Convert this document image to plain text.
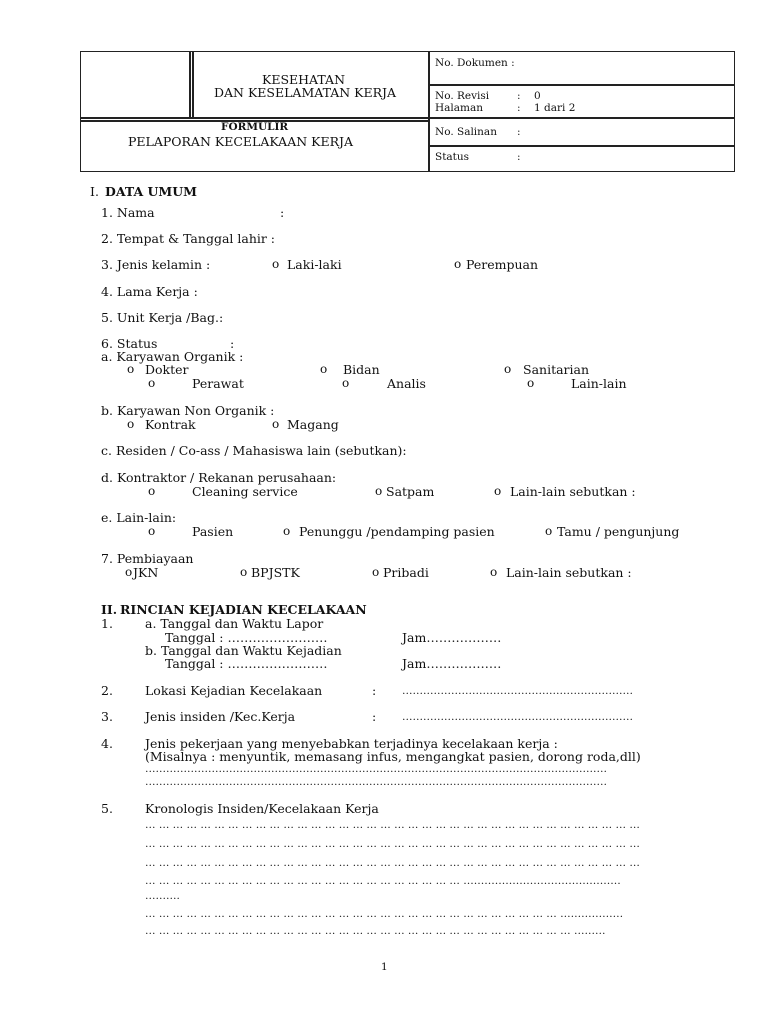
KESEHATAN
DAN KESELAMATAN KERJA
No. Dokumen :
No. Revisi	: 0
Halaman	: 1 dari 2
FORMULIR
PELAPORAN KECELAKAAN KERJA
No. Salinan :
Status	:
I. DATA UMUM
1. Nama	:
2. Tempat & Tanggal lahir :
3. Jenis kelamin :	o Laki-laki	o Perempuan
4. Lama Kerja :
5. Unit Kerja /Bag.:
6. Status	:
a. Karyawan Organik :
o Dokter	o Bidan	o Sanitarian
o	Perawat	o	Analis	o	Lain-lain
b. Karyawan Non Organik :
o Kontrak	o Magang
c. Residen / Co-ass / Mahasiswa lain (sebutkan):
d. Kontraktor / Rekanan perusahaan:
o	Cleaning service	o Satpam	o Lain-lain sebutkan :
e. Lain-lain:
o	Pasien	o Penunggu /pendamping pasien	o Tamu / pengunjung
7. Pembiayaan
o JKN	o BPJSTK	o Pribadi	o Lain-lain sebutkan :
II. RINCIAN KEJADIAN KECELAKAAN
1.	a. Tanggal dan Waktu Lapor
Tanggal : ……………………	Jam………………
b. Tanggal dan Waktu Kejadian
Tanggal : ……………………	Jam………………
2.	Lokasi Kejadian Kecelakaan	: …………………………………………………………
3.	Jenis insiden /Kec.Kerja	: …………………………………………………………
4.	Jenis pekerjaan yang menyebabkan terjadinya kecelakaan kerja :
(Misalnya : menyuntik, memasang infus, mengangkat pasien, dorong roda,dll)
……………………………………………………………………………………………………………………
……………………………………………………………………………………………………………………
5.	Kronologis Insiden/Kecelakaan Kerja
… … … … … … … … … … … … … … … … … … … … … … … … … … … … … … … … … … … …
… … … … … … … … … … … … … … … … … … … … … … … … … … … … … … … … … … … …
… … … … … … … … … … … … … … … … … … … … … … … … … … … … … … … … … … … …
… … … … … … … … … … … … … … … … … … … … … … … ………………………………………
……….
… … … … … … … … … … … … … … … … … … … … … … … … … … … … … … ………………
… … … … … … … … … … … … … … … … … … … … … … … … … … … … … … … ………
1
